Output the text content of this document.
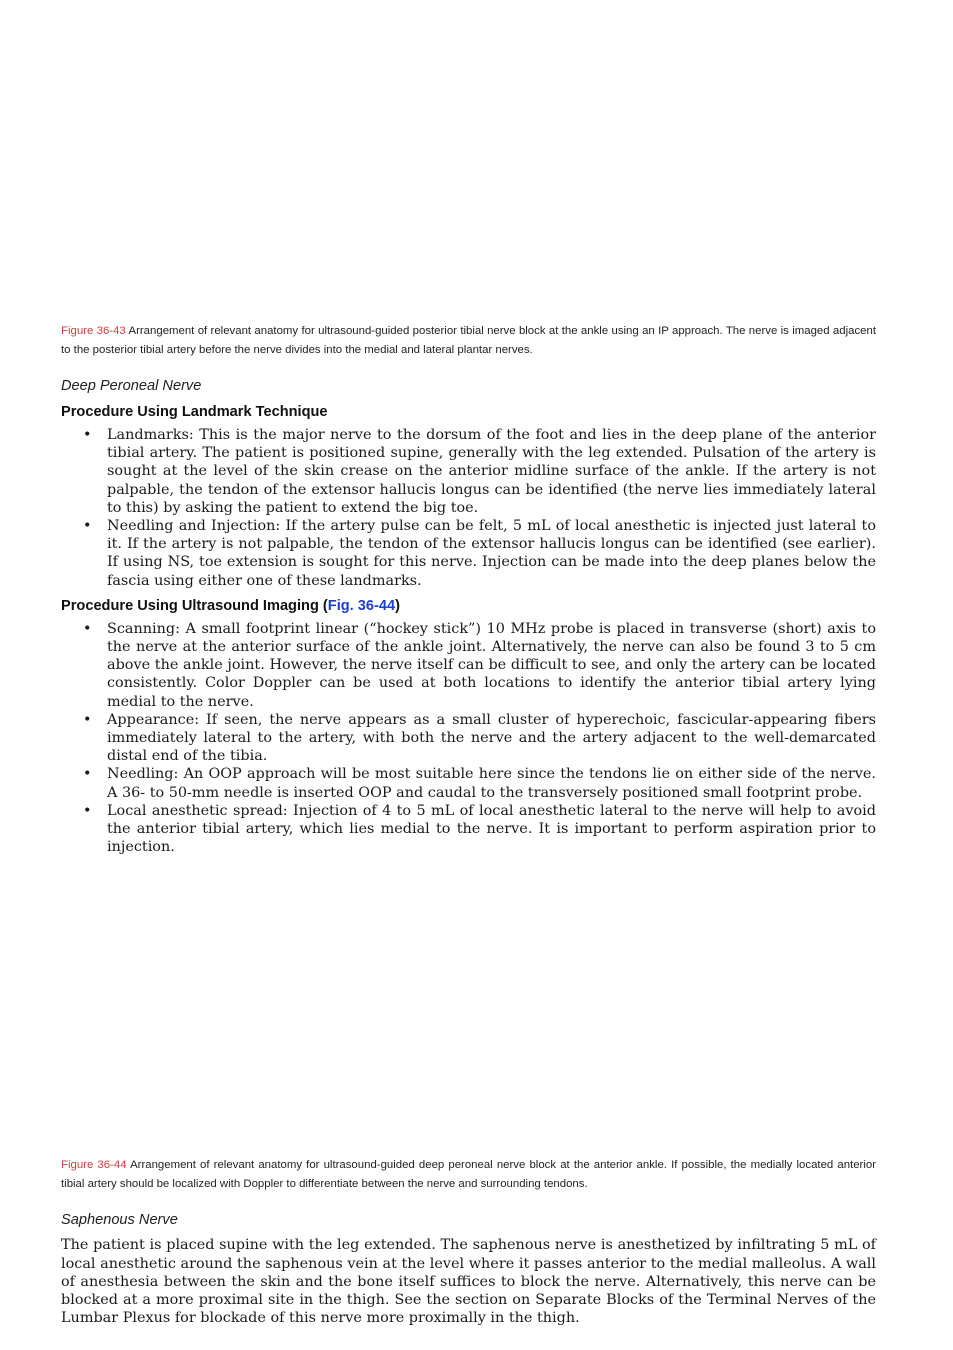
Figure 36-43 Arrangement of relevant anatomy for ultrasound-guided posterior tibial nerve block at the ankle using an IP approach. The nerve is imaged adjacent to the posterior tibial artery before the nerve divides into the medial and lateral plantar nerves.
Deep Peroneal Nerve
Procedure Using Landmark Technique
• Landmarks: This is the major nerve to the dorsum of the foot and lies in the deep plane of the anterior tibial artery. The patient is positioned supine, generally with the leg extended. Pulsation of the artery is sought at the level of the skin crease on the anterior midline surface of the ankle. If the artery is not palpable, the tendon of the extensor hallucis longus can be identified (the nerve lies immediately lateral to this) by asking the patient to extend the big toe.
• Needling and Injection: If the artery pulse can be felt, 5 mL of local anesthetic is injected just lateral to it. If the artery is not palpable, the tendon of the extensor hallucis longus can be identified (see earlier). If using NS, toe extension is sought for this nerve. Injection can be made into the deep planes below the fascia using either one of these landmarks.
Procedure Using Ultrasound Imaging (Fig. 36-44)
• Scanning: A small footprint linear (“hockey stick”) 10 MHz probe is placed in transverse (short) axis to the nerve at the anterior surface of the ankle joint. Alternatively, the nerve can also be found 3 to 5 cm above the ankle joint. However, the nerve itself can be difficult to see, and only the artery can be located consistently. Color Doppler can be used at both locations to identify the anterior tibial artery lying medial to the nerve.
• Appearance: If seen, the nerve appears as a small cluster of hyperechoic, fascicular-appearing fibers immediately lateral to the artery, with both the nerve and the artery adjacent to the well-demarcated distal end of the tibia.
• Needling: An OOP approach will be most suitable here since the tendons lie on either side of the nerve. A 36- to 50-mm needle is inserted OOP and caudal to the transversely positioned small footprint probe.
• Local anesthetic spread: Injection of 4 to 5 mL of local anesthetic lateral to the nerve will help to avoid the anterior tibial artery, which lies medial to the nerve. It is important to perform aspiration prior to injection.
Figure 36-44 Arrangement of relevant anatomy for ultrasound-guided deep peroneal nerve block at the anterior ankle. If possible, the medially located anterior tibial artery should be localized with Doppler to differentiate between the nerve and surrounding tendons.
Saphenous Nerve
The patient is placed supine with the leg extended. The saphenous nerve is anesthetized by infiltrating 5 mL of local anesthetic around the saphenous vein at the level where it passes anterior to the medial malleolus. A wall of anesthesia between the skin and the bone itself suffices to block the nerve. Alternatively, this nerve can be blocked at a more proximal site in the thigh. See the section on Separate Blocks of the Terminal Nerves of the Lumbar Plexus for blockade of this nerve more proximally in the thigh.
